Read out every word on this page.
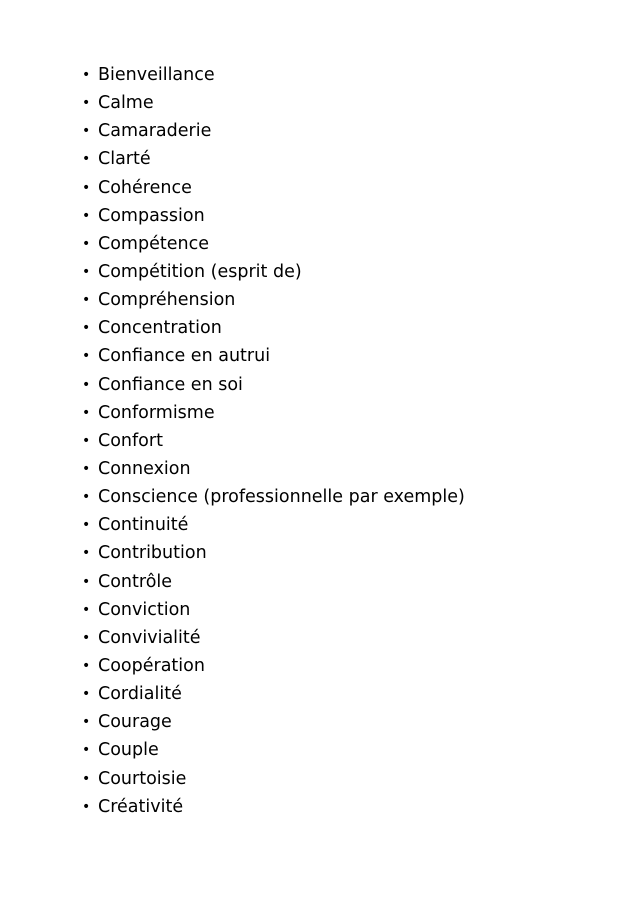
• Bienveillance
• Calme
• Camaraderie
• Clarté
• Cohérence
• Compassion
• Compétence
• Compétition (esprit de)
• Compréhension
• Concentration
• Confiance en autrui
• Confiance en soi
• Conformisme
• Confort
• Connexion
• Conscience (professionnelle par exemple)
• Continuité
• Contribution
• Contrôle
• Conviction
• Convivialité
• Coopération
• Cordialité
• Courage
• Couple
• Courtoisie
• Créativité
